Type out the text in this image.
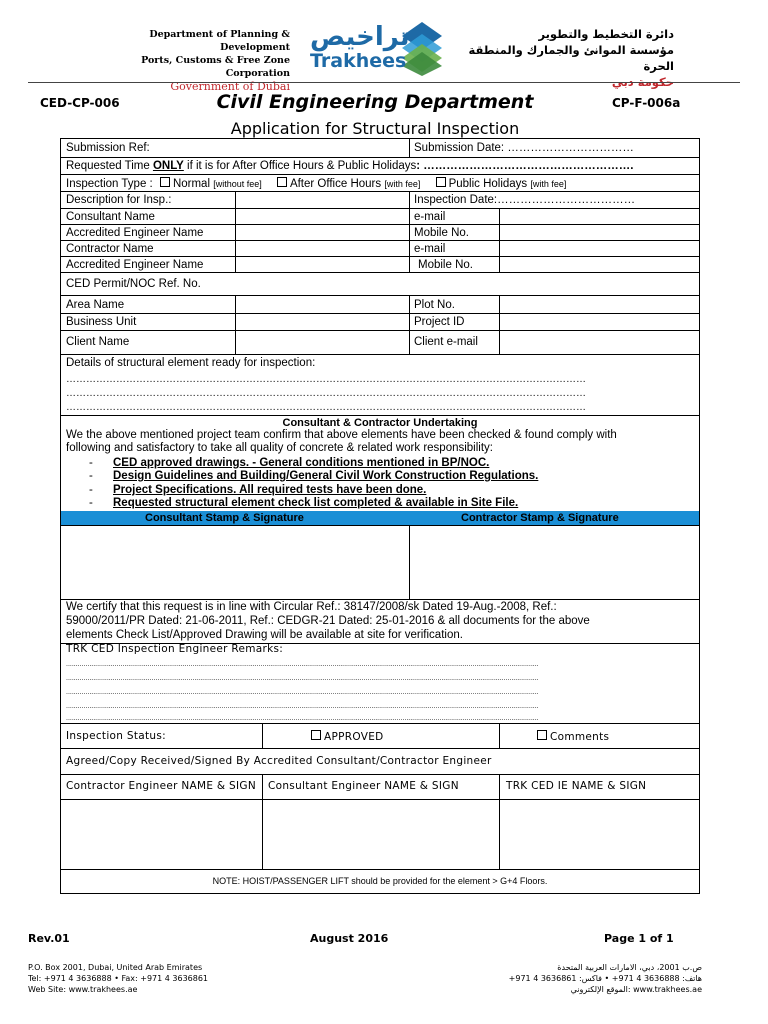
Department of Planning & Development
Ports, Customs & Free Zone Corporation
Government of Dubai
تراخيص
Trakhees
دائرة التخطيط والتطوير
مؤسسة الموانئ والجمارك والمنطقة الحرة
حكومة دبي
CED-CP-006	Civil Engineering Department	CP-F-006a
Application for Structural Inspection
Submission Ref:	Submission Date: ……………………………
Requested Time ONLY if it is for After Office Hours & Public Holidays: ……………………………………………….
Inspection Type : Normal [without fee] After Office Hours [with fee] Public Holidays [with fee]
Description for Insp.:	Inspection Date:………………………………
Consultant Name	e-mail
Accredited Engineer Name	Mobile No.
Contractor Name	e-mail
Accredited Engineer Name	Mobile No.
CED Permit/NOC Ref. No.
Area Name	Plot No.
Business Unit	Project ID
Client Name	Client e-mail
Details of structural element ready for inspection:
…………………………………………………………………………………………………………………………………………
…………………………………………………………………………………………………………………………………………
…………………………………………………………………………………………………………………………………………
Consultant & Contractor Undertaking
We the above mentioned project team confirm that above elements have been checked & found comply with
following and satisfactory to take all quality of concrete & related work responsibility:
- CED approved drawings. - General conditions mentioned in BP/NOC.
- Design Guidelines and Building/General Civil Work Construction Regulations.
- Project Specifications. All required tests have been done.
- Requested structural element check list completed & available in Site File.
Consultant Stamp & Signature	Contractor Stamp & Signature
We certify that this request is in line with Circular Ref.: 38147/2008/sk Dated 19-Aug.-2008, Ref.:
59000/2011/PR Dated: 21-06-2011, Ref.: CEDGR-21 Dated: 25-01-2016 & all documents for the above
elements Check List/Approved Drawing will be available at site for verification.
TRK CED Inspection Engineer Remarks:
...................................................................................................................................................................................................................................................
...................................................................................................................................................................................................................................................
...................................................................................................................................................................................................................................................
...................................................................................................................................................................................................................................................
...................................................................................................................................................................................................................................................
Inspection Status:	APPROVED	Comments
Agreed/Copy Received/Signed By Accredited Consultant/Contractor Engineer
Contractor Engineer NAME & SIGN Consultant Engineer NAME & SIGN	TRK CED IE NAME & SIGN
NOTE: HOIST/PASSENGER LIFT should be provided for the element > G+4 Floors.
Rev.01	August 2016	Page 1 of 1
P.O. Box 2001, Dubai, United Arab Emirates
Tel: +971 4 3636888 • Fax: +971 4 3636861
Web Site: www.trakhees.ae
ص.ب 2001، دبي، الامارات العربية المتحدة
هاتف: 3636888 4 971+ • فاكس: 3636861 4 971+
www.trakhees.ae :الموقع الإلكتروني
